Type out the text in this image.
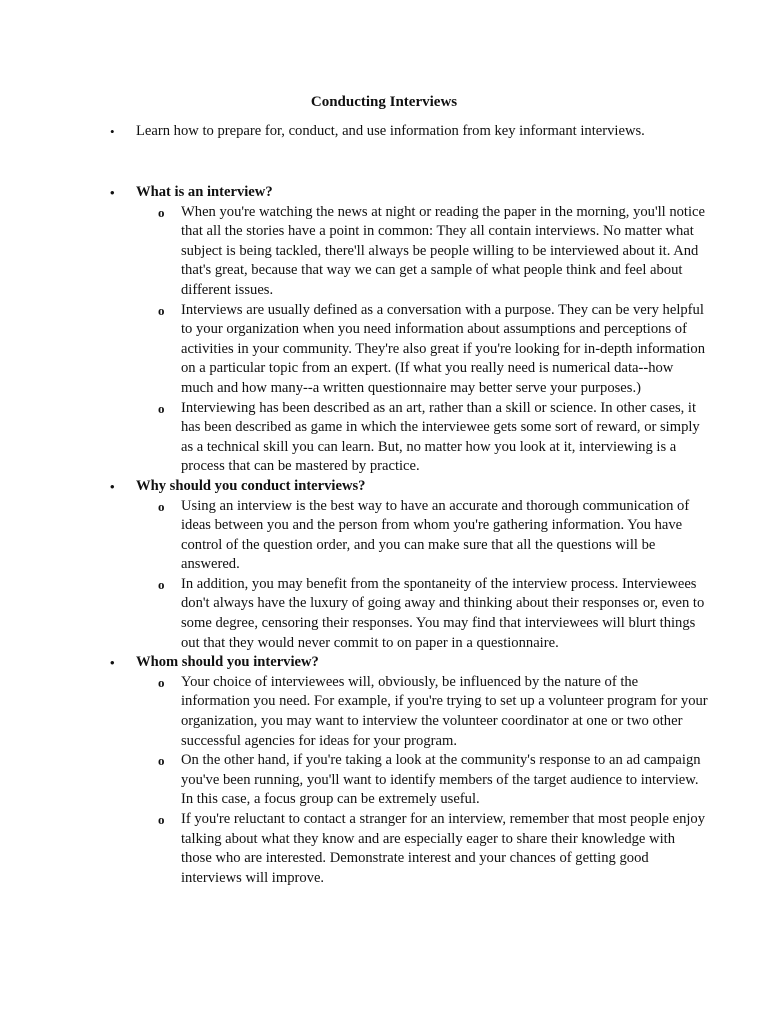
Conducting Interviews
• Learn how to prepare for, conduct, and use information from key informant interviews.
• What is an interview?
o When you're watching the news at night or reading the paper in the morning, you'll notice that all the stories have a point in common: They all contain interviews. No matter what subject is being tackled, there'll always be people willing to be interviewed about it. And that's great, because that way we can get a sample of what people think and feel about different issues.
o Interviews are usually defined as a conversation with a purpose. They can be very helpful to your organization when you need information about assumptions and perceptions of activities in your community. They're also great if you're looking for in-depth information on a particular topic from an expert. (If what you really need is numerical data--how much and how many--a written questionnaire may better serve your purposes.)
o Interviewing has been described as an art, rather than a skill or science. In other cases, it has been described as game in which the interviewee gets some sort of reward, or simply as a technical skill you can learn. But, no matter how you look at it, interviewing is a process that can be mastered by practice.
• Why should you conduct interviews?
o Using an interview is the best way to have an accurate and thorough communication of ideas between you and the person from whom you're gathering information. You have control of the question order, and you can make sure that all the questions will be answered.
o In addition, you may benefit from the spontaneity of the interview process. Interviewees don't always have the luxury of going away and thinking about their responses or, even to some degree, censoring their responses. You may find that interviewees will blurt things out that they would never commit to on paper in a questionnaire.
• Whom should you interview?
o Your choice of interviewees will, obviously, be influenced by the nature of the information you need. For example, if you're trying to set up a volunteer program for your organization, you may want to interview the volunteer coordinator at one or two other successful agencies for ideas for your program.
o On the other hand, if you're taking a look at the community's response to an ad campaign you've been running, you'll want to identify members of the target audience to interview. In this case, a focus group can be extremely useful.
o If you're reluctant to contact a stranger for an interview, remember that most people enjoy talking about what they know and are especially eager to share their knowledge with those who are interested. Demonstrate interest and your chances of getting good interviews will improve.
